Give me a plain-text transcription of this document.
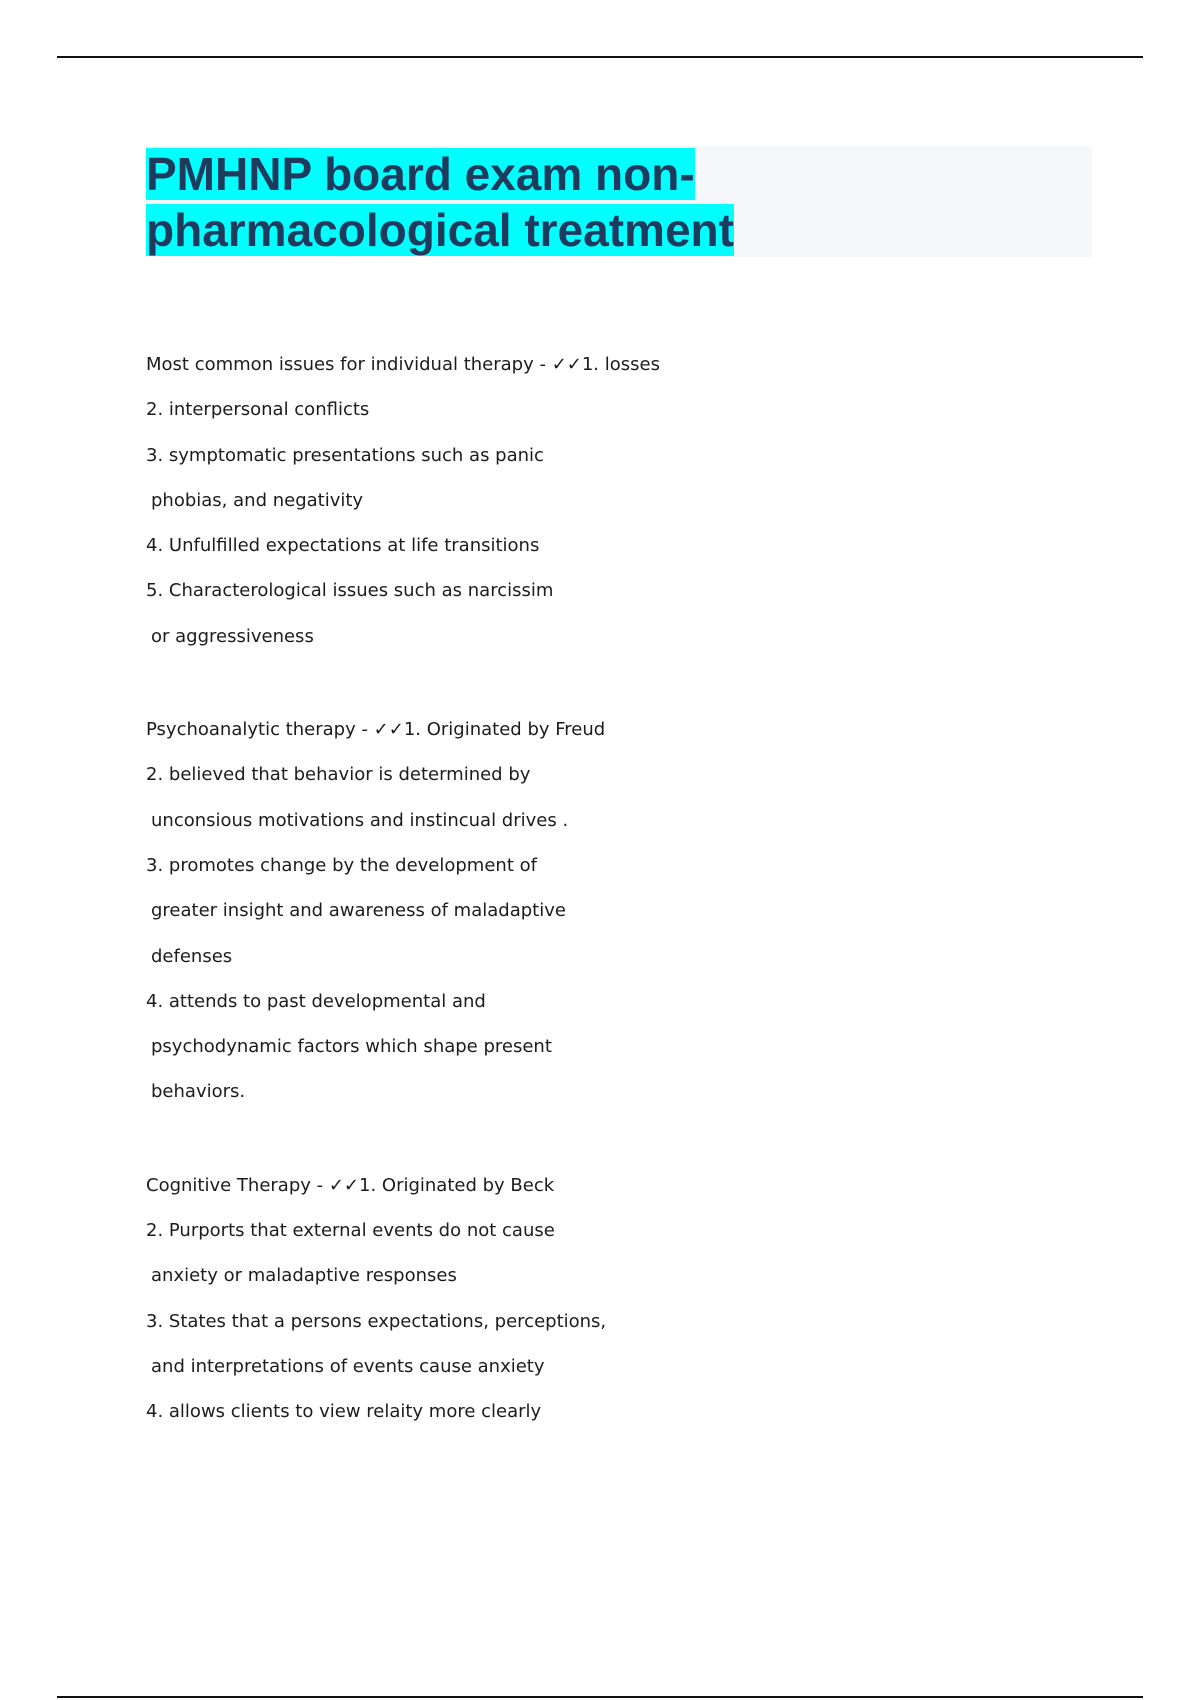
PMHNP board exam non-
pharmacological treatment
Most common issues for individual therapy - ✓✓1. losses
2. interpersonal conflicts
3. symptomatic presentations such as panic
phobias, and negativity
4. Unfulfilled expectations at life transitions
5. Characterological issues such as narcissim
or aggressiveness
Psychoanalytic therapy - ✓✓1. Originated by Freud
2. believed that behavior is determined by
unconsious motivations and instincual drives .
3. promotes change by the development of
greater insight and awareness of maladaptive
defenses
4. attends to past developmental and
psychodynamic factors which shape present
behaviors.
Cognitive Therapy - ✓✓1. Originated by Beck
2. Purports that external events do not cause
anxiety or maladaptive responses
3. States that a persons expectations, perceptions,
and interpretations of events cause anxiety
4. allows clients to view relaity more clearly
